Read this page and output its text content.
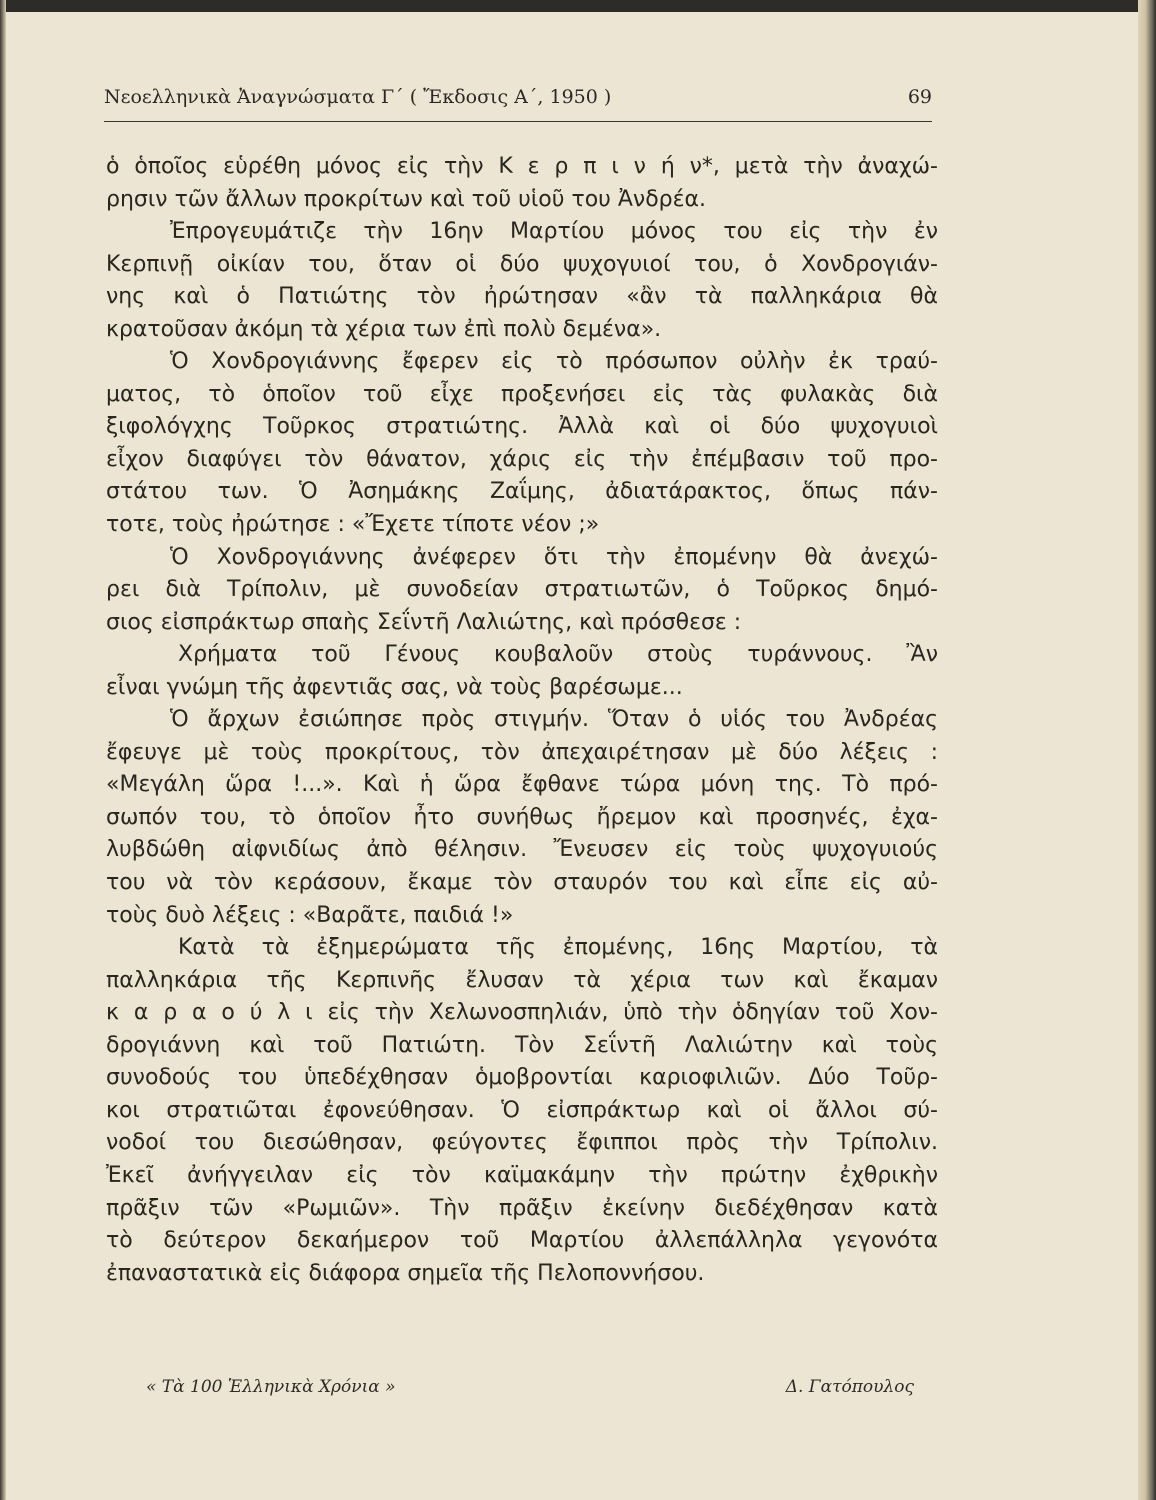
Νεοελληνικὰ Ἀναγνώσματα Γ΄ ( Ἔκδοσις Α΄, 1950 )	69
ὁ ὁποῖος εὑρέθη μόνος εἰς τὴν Κ ε ρ π ι ν ή ν*, μετὰ τὴν ἀναχώ-
ρησιν τῶν ἄλλων προκρίτων καὶ τοῦ υἱοῦ του Ἀνδρέα.
Ἐπρογευμάτιζε τὴν 16ην Μαρτίου μόνος του εἰς τὴν ἐν
Κερπινῇ οἰκίαν του, ὅταν οἱ δύο ψυχογυιοί του, ὁ Χονδρογιάν-
νης καὶ ὁ Πατιώτης τὸν ἠρώτησαν «ἂν τὰ παλληκάρια θὰ
κρατοῦσαν ἀκόμη τὰ χέρια των ἐπὶ πολὺ δεμένα».
Ὁ Χονδρογιάννης ἔφερεν εἰς τὸ πρόσωπον οὐλὴν ἐκ τραύ-
ματος, τὸ ὁποῖον τοῦ εἶχε προξενήσει εἰς τὰς φυλακὰς διὰ
ξιφολόγχης Τοῦρκος στρατιώτης. Ἀλλὰ καὶ οἱ δύο ψυχογυιοὶ
εἶχον διαφύγει τὸν θάνατον, χάρις εἰς τὴν ἐπέμβασιν τοῦ προ-
στάτου των. Ὁ Ἀσημάκης Ζαΐμης, ἀδιατάρακτος, ὅπως πάν-
τοτε, τοὺς ἠρώτησε : «Ἔχετε τίποτε νέον ;»
Ὁ Χονδρογιάννης ἀνέφερεν ὅτι τὴν ἐπομένην θὰ ἀνεχώ-
ρει διὰ Τρίπολιν, μὲ συνοδείαν στρατιωτῶν, ὁ Τοῦρκος δημό-
σιος εἰσπράκτωρ σπαὴς Σεΐντῆ Λαλιώτης, καὶ πρόσθεσε :
Χρήματα τοῦ Γένους κουβαλοῦν στοὺς τυράννους. Ἂν
εἶναι γνώμη τῆς ἀφεντιᾶς σας, νὰ τοὺς βαρέσωμε...
Ὁ ἄρχων ἐσιώπησε πρὸς στιγμήν. Ὅταν ὁ υἱός του Ἀνδρέας
ἔφευγε μὲ τοὺς προκρίτους, τὸν ἀπεχαιρέτησαν μὲ δύο λέξεις :
«Μεγάλη ὥρα !...». Καὶ ἡ ὥρα ἔφθανε τώρα μόνη της. Τὸ πρό-
σωπόν του, τὸ ὁποῖον ἦτο συνήθως ἤρεμον καὶ προσηνές, ἐχα-
λυβδώθη αἰφνιδίως ἀπὸ θέλησιν. Ἔνευσεν εἰς τοὺς ψυχογυιούς
του νὰ τὸν κεράσουν, ἔκαμε τὸν σταυρόν του καὶ εἶπε εἰς αὐ-
τοὺς δυὸ λέξεις : «Βαρᾶτε, παιδιά !»
Κατὰ τὰ ἐξημερώματα τῆς ἐπομένης, 16ης Μαρτίου, τὰ
παλληκάρια τῆς Κερπινῆς ἔλυσαν τὰ χέρια των καὶ ἔκαμαν
κ α ρ α ο ύ λ ι εἰς τὴν Χελωνοσπηλιάν, ὑπὸ τὴν ὁδηγίαν τοῦ Χον-
δρογιάννη καὶ τοῦ Πατιώτη. Τὸν Σεΐντῆ Λαλιώτην καὶ τοὺς
συνοδούς του ὑπεδέχθησαν ὁμοβροντίαι καριοφιλιῶν. Δύο Τοῦρ-
κοι στρατιῶται ἐφονεύθησαν. Ὁ εἰσπράκτωρ καὶ οἱ ἄλλοι σύ-
νοδοί του διεσώθησαν, φεύγοντες ἔφιπποι πρὸς τὴν Τρίπολιν.
Ἐκεῖ ἀνήγγειλαν εἰς τὸν καϊμακάμην τὴν πρώτην ἐχθρικὴν
πρᾶξιν τῶν «Ρωμιῶν». Τὴν πρᾶξιν ἐκείνην διεδέχθησαν κατὰ
τὸ δεύτερον δεκαήμερον τοῦ Μαρτίου ἀλλεπάλληλα γεγονότα
ἐπαναστατικὰ εἰς διάφορα σημεῖα τῆς Πελοποννήσου.
« Τὰ 100 Ἑλληνικὰ Χρόνια »	Δ. Γατόπουλος
